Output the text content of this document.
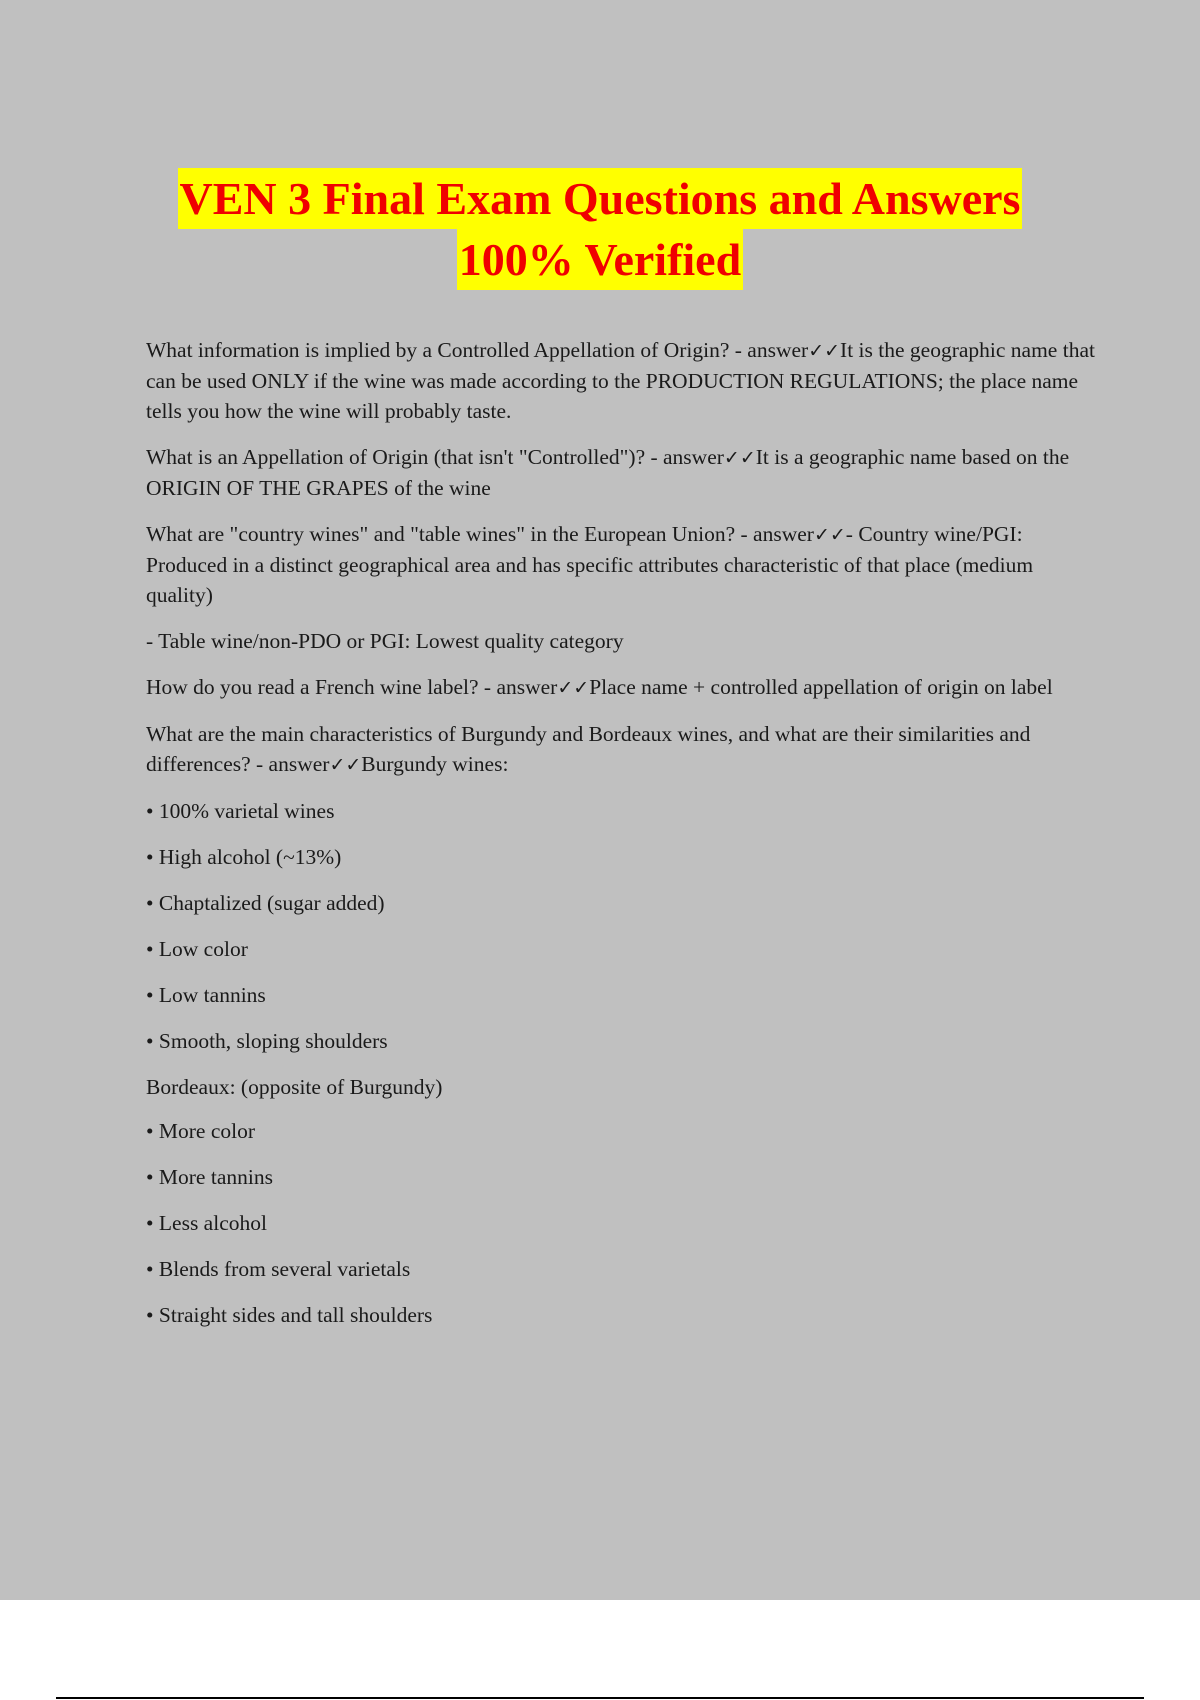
VEN 3 Final Exam Questions and Answers
100% Verified

What information is implied by a Controlled Appellation of Origin? - answer✓✓It is the geographic name that can be used ONLY if the wine was made according to the PRODUCTION REGULATIONS; the place name tells you how the wine will probably taste.

What is an Appellation of Origin (that isn't "Controlled")? - answer✓✓It is a geographic name based on the ORIGIN OF THE GRAPES of the wine

What are "country wines" and "table wines" in the European Union? - answer✓✓- Country wine/PGI: Produced in a distinct geographical area and has specific attributes characteristic of that place (medium quality)

- Table wine/non-PDO or PGI: Lowest quality category

How do you read a French wine label? - answer✓✓Place name + controlled appellation of origin on label

What are the main characteristics of Burgundy and Bordeaux wines, and what are their similarities and differences? - answer✓✓Burgundy wines:

• 100% varietal wines

• High alcohol (~13%)

• Chaptalized (sugar added)

• Low color

• Low tannins

• Smooth, sloping shoulders

Bordeaux: (opposite of Burgundy)

• More color

• More tannins

• Less alcohol

• Blends from several varietals

• Straight sides and tall shoulders
